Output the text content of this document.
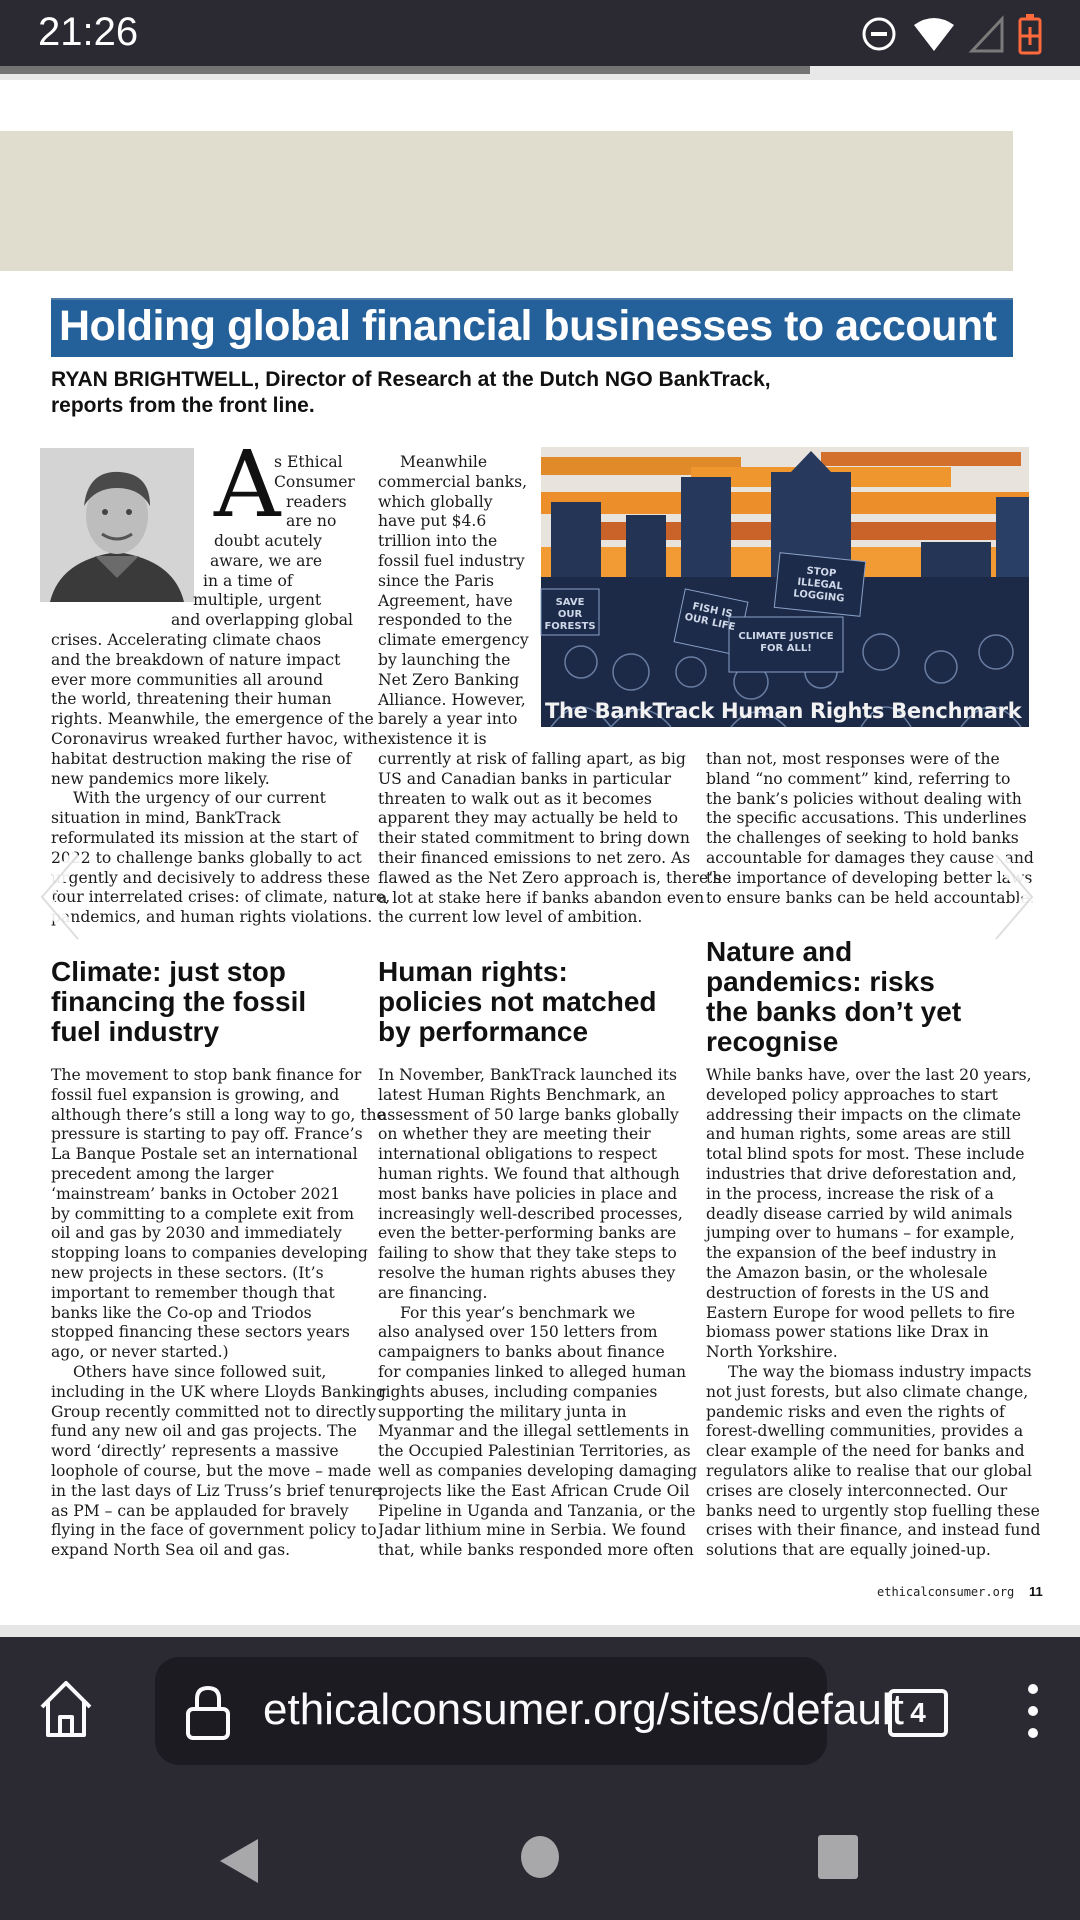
21:26
Holding global financial businesses to account
RYAN BRIGHTWELL, Director of Research at the Dutch NGO BankTrack,
reports from the front line.
A
s Ethical
Consumer
readers
are no
doubt acutely
aware, we are
in a time of
multiple, urgent
and overlapping global
crises. Accelerating climate chaos
and the breakdown of nature impact
ever more communities all around
the world, threatening their human
rights. Meanwhile, the emergence of the
Coronavirus wreaked further havoc, with
habitat destruction making the rise of
new pandemics more likely.
With the urgency of our current
situation in mind, BankTrack
reformulated its mission at the start of
2022 to challenge banks globally to act
urgently and decisively to address these
four interrelated crises: of climate, nature,
pandemics, and human rights violations.
Meanwhile
commercial banks,
which globally
have put $4.6
trillion into the
fossil fuel industry
since the Paris
Agreement, have
responded to the
climate emergency
by launching the
Net Zero Banking
Alliance. However,
barely a year into
existence it is
currently at risk of falling apart, as big
US and Canadian banks in particular
threaten to walk out as it becomes
apparent they may actually be held to
their stated commitment to bring down
their financed emissions to net zero. As
flawed as the Net Zero approach is, there’s
a lot at stake here if banks abandon even
the current low level of ambition.
SAVE OUR FORESTS
FISH IS OUR LIFE
STOP ILLEGAL LOGGING
CLIMATE JUSTICE FOR ALL!
The BankTrack Human Rights Benchmark
than not, most responses were of the
bland “no comment” kind, referring to
the bank’s policies without dealing with
the specific accusations. This underlines
the challenges of seeking to hold banks
accountable for damages they cause, and
the importance of developing better laws
to ensure banks can be held accountable.
Climate: just stop
financing the fossil
fuel industry
Human rights:
policies not matched
by performance
Nature and
pandemics: risks
the banks don’t yet
recognise
The movement to stop bank finance for
fossil fuel expansion is growing, and
although there’s still a long way to go, the
pressure is starting to pay off. France’s
La Banque Postale set an international
precedent among the larger
‘mainstream’ banks in October 2021
by committing to a complete exit from
oil and gas by 2030 and immediately
stopping loans to companies developing
new projects in these sectors. (It’s
important to remember though that
banks like the Co-op and Triodos
stopped financing these sectors years
ago, or never started.)
Others have since followed suit,
including in the UK where Lloyds Banking
Group recently committed not to directly
fund any new oil and gas projects. The
word ‘directly’ represents a massive
loophole of course, but the move – made
in the last days of Liz Truss’s brief tenure
as PM – can be applauded for bravely
flying in the face of government policy to
expand North Sea oil and gas.
In November, BankTrack launched its
latest Human Rights Benchmark, an
assessment of 50 large banks globally
on whether they are meeting their
international obligations to respect
human rights. We found that although
most banks have policies in place and
increasingly well-described processes,
even the better-performing banks are
failing to show that they take steps to
resolve the human rights abuses they
are financing.
For this year’s benchmark we
also analysed over 150 letters from
campaigners to banks about finance
for companies linked to alleged human
rights abuses, including companies
supporting the military junta in
Myanmar and the illegal settlements in
the Occupied Palestinian Territories, as
well as companies developing damaging
projects like the East African Crude Oil
Pipeline in Uganda and Tanzania, or the
Jadar lithium mine in Serbia. We found
that, while banks responded more often
While banks have, over the last 20 years,
developed policy approaches to start
addressing their impacts on the climate
and human rights, some areas are still
total blind spots for most. These include
industries that drive deforestation and,
in the process, increase the risk of a
deadly disease carried by wild animals
jumping over to humans – for example,
the expansion of the beef industry in
the Amazon basin, or the wholesale
destruction of forests in the US and
Eastern Europe for wood pellets to fire
biomass power stations like Drax in
North Yorkshire.
The way the biomass industry impacts
not just forests, but also climate change,
pandemic risks and even the rights of
forest-dwelling communities, provides a
clear example of the need for banks and
regulators alike to realise that our global
crises are closely interconnected. Our
banks need to urgently stop fuelling these
crises with their finance, and instead fund
solutions that are equally joined-up.
ethicalconsumer.org 11
ethicalconsumer.org/sites/default 4
